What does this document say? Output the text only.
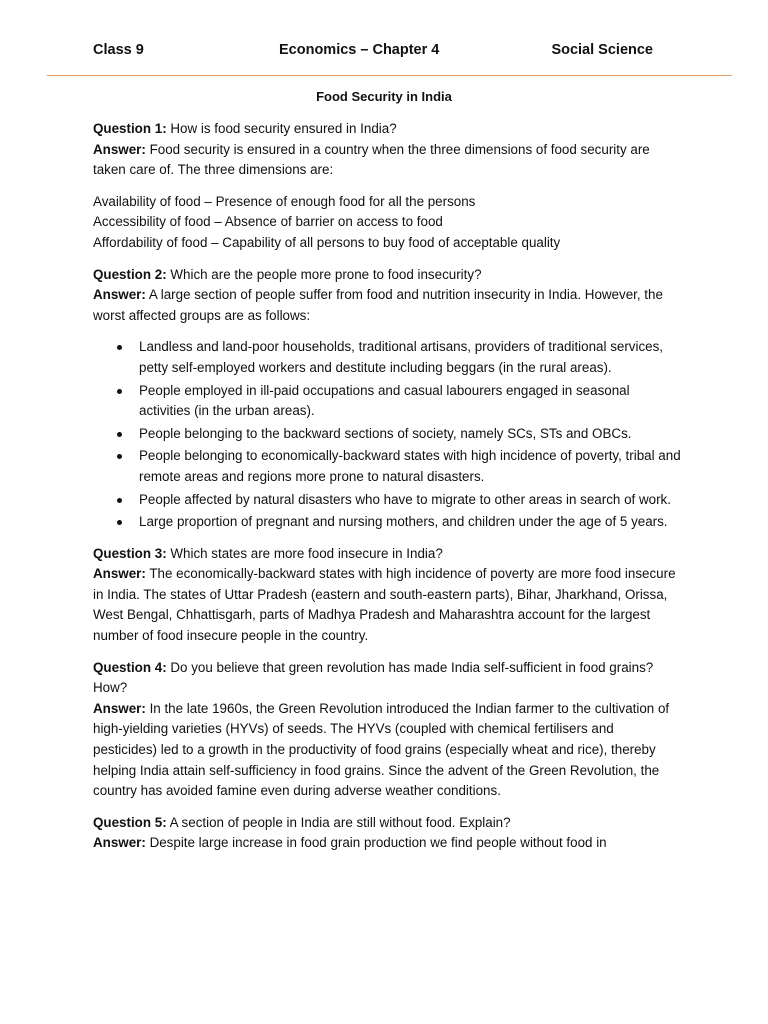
Class 9	Economics – Chapter 4	Social Science
Food Security in India

Question 1: How is food security ensured in India?

Answer: Food security is ensured in a country when the three dimensions of food security are taken care of. The three dimensions are:

Availability of food – Presence of enough food for all the persons
Accessibility of food – Absence of barrier on access to food
Affordability of food – Capability of all persons to buy food of acceptable quality

Question 2: Which are the people more prone to food insecurity?

Answer: A large section of people suffer from food and nutrition insecurity in India. However, the worst affected groups are as follows:

Landless and land-poor households, traditional artisans, providers of traditional services, petty self-employed workers and destitute including beggars (in the rural areas).
People employed in ill-paid occupations and casual labourers engaged in seasonal activities (in the urban areas).
People belonging to the backward sections of society, namely SCs, STs and OBCs.
People belonging to economically-backward states with high incidence of poverty, tribal and remote areas and regions more prone to natural disasters.
People affected by natural disasters who have to migrate to other areas in search of work.
Large proportion of pregnant and nursing mothers, and children under the age of 5 years.

Question 3: Which states are more food insecure in India?

Answer: The economically-backward states with high incidence of poverty are more food insecure in India. The states of Uttar Pradesh (eastern and south-eastern parts), Bihar, Jharkhand, Orissa, West Bengal, Chhattisgarh, parts of Madhya Pradesh and Maharashtra account for the largest number of food insecure people in the country.

Question 4: Do you believe that green revolution has made India self-sufficient in food grains? How?

Answer: In the late 1960s, the Green Revolution introduced the Indian farmer to the cultivation of high-yielding varieties (HYVs) of seeds. The HYVs (coupled with chemical fertilisers and pesticides) led to a growth in the productivity of food grains (especially wheat and rice), thereby helping India attain self-sufficiency in food grains. Since the advent of the Green Revolution, the country has avoided famine even during adverse weather conditions.

Question 5: A section of people in India are still without food. Explain?

Answer: Despite large increase in food grain production we find people without food in
